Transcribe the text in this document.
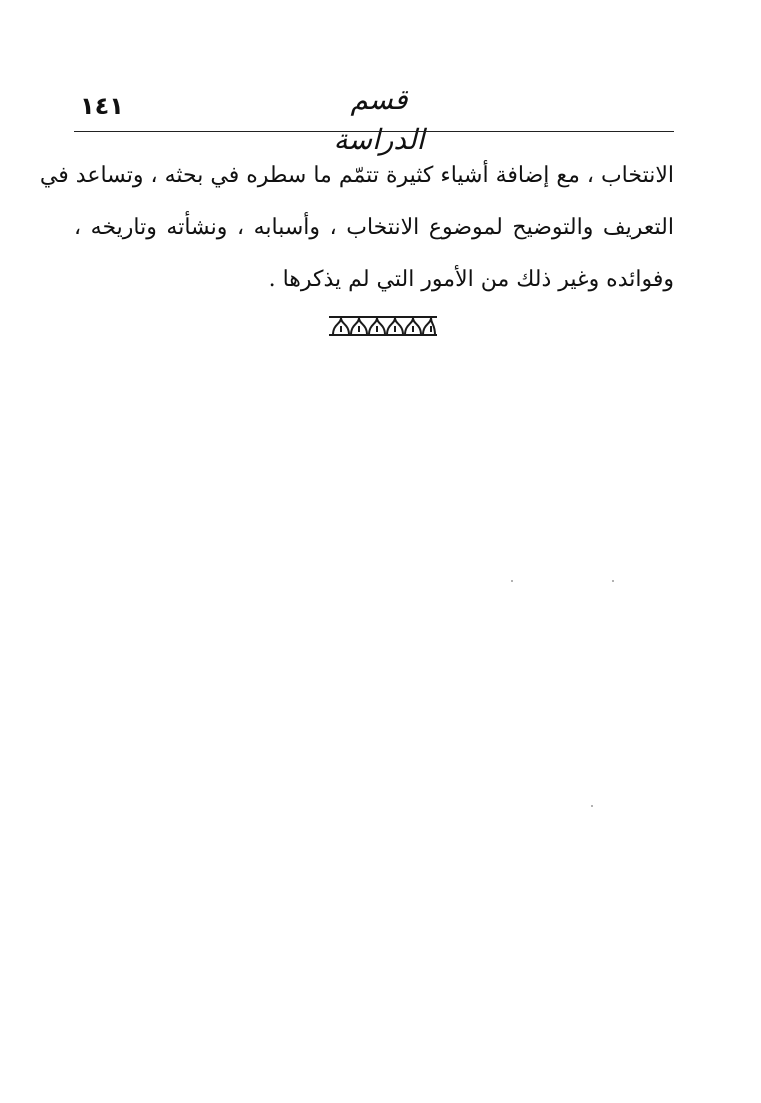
١٤١	قسم الدراسة
الانتخاب ، مع إضافة أشياء كثيرة تتمّم ما سطره في بحثه ، وتساعد في
التعريف والتوضيح لموضوع الانتخاب ، وأسبابه ، ونشأته وتاريخه ،
وفوائده وغير ذلك من الأمور التي لم يذكرها .
